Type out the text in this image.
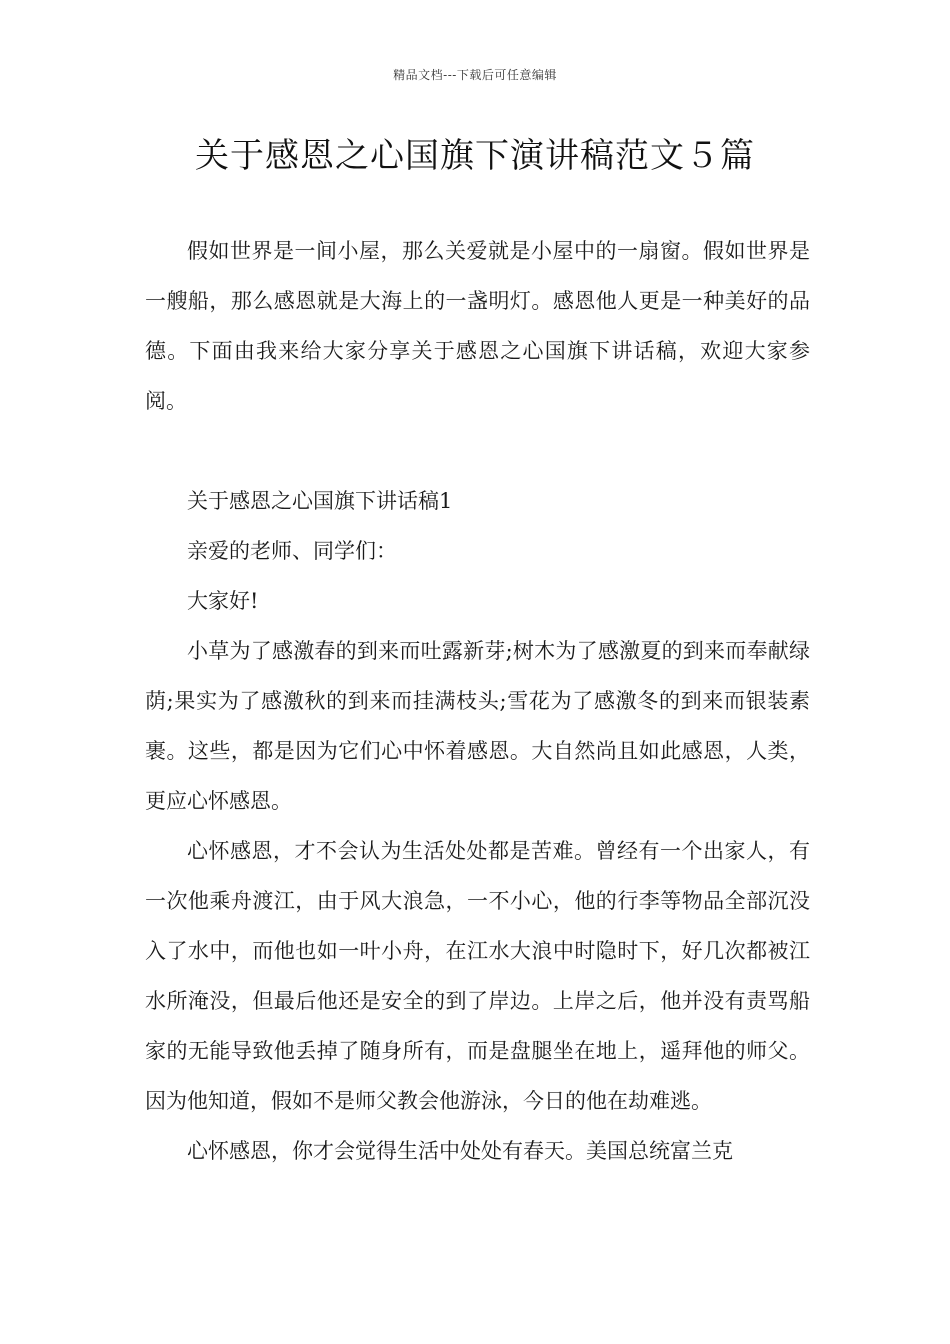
精品文档---下载后可任意编辑
关于感恩之心国旗下演讲稿范文５篇

假如世界是一间小屋，那么关爱就是小屋中的一扇窗。假如世界是一艘船，那么感恩就是大海上的一盏明灯。感恩他人更是一种美好的品德。下面由我来给大家分享关于感恩之心国旗下讲话稿，欢迎大家参阅。

关于感恩之心国旗下讲话稿1

亲爱的老师、同学们：

大家好!

小草为了感激春的到来而吐露新芽;树木为了感激夏的到来而奉献绿荫;果实为了感激秋的到来而挂满枝头;雪花为了感激冬的到来而银装素裹。这些，都是因为它们心中怀着感恩。大自然尚且如此感恩，人类，更应心怀感恩。

心怀感恩，才不会认为生活处处都是苦难。曾经有一个出家人，有一次他乘舟渡江，由于风大浪急，一不小心，他的行李等物品全部沉没入了水中，而他也如一叶小舟，在江水大浪中时隐时下，好几次都被江水所淹没，但最后他还是安全的到了岸边。上岸之后，他并没有责骂船家的无能导致他丢掉了随身所有，而是盘腿坐在地上，遥拜他的师父。因为他知道，假如不是师父教会他游泳，今日的他在劫难逃。

心怀感恩，你才会觉得生活中处处有春天。美国总统富兰克
